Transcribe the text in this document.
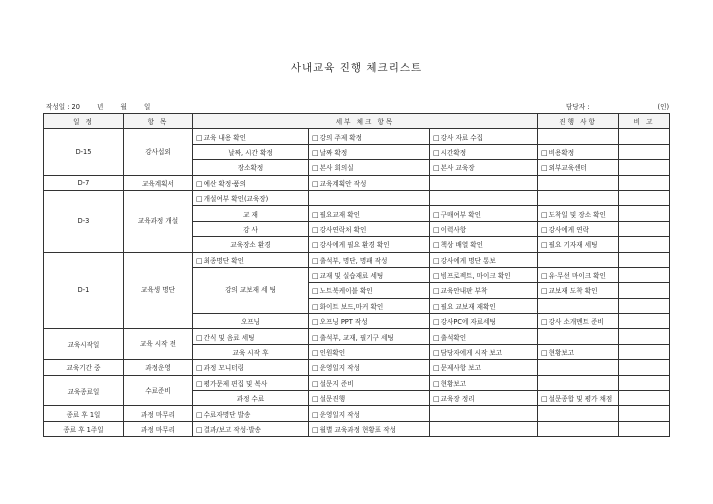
사내교육 진행 체크리스트
작성일 : 20	년	월	일	담당자 :	(인)
일 정	항 목	세부 체크 항목			진행 사항	비 고	
D-15	강사섭외	□ 교육 내용 확인	□ 강의 주제 확정	□ 강사 자료 수집		
		날짜, 시간 확정	□ 날짜 확정	□ 시간확정	□ 비용확정		
		장소확정	□ 본사 회의실	□ 본사 교육장	□ 외부교육센터		
D-7	교육계획서	□ 예산 확정·품의	□ 교육계획안 작성			
D-3	교육과정 개설	□ 개설여부 확인(교육장)				
		교 재	□ 필요교재 확인	□ 구매여부 확인	□ 도착일 및 장소 확인		
		강 사	□ 강사연락처 확인	□ 이력사항	□ 강사에게 연락		
		교육장소 환경	□ 강사에게 필요 환경 확인	□ 책상 배열 확인	□ 필요 기자재 세팅		
D-1	교육생 명단	□ 최종명단 확인	□ 출석부, 명단, 명패 작성	□ 강사에게 명단 통보		
		강의 교보재 세 팅	□ 교재 및 실습재료 세팅	□ 빔프로젝트, 마이크 확인	□ 유·무선 마이크 확인		
			□ 노트북케이블 확인	□ 교육안내판 부착	□ 교보재 도착 확인		
			□ 화이트 보드,마커 확인	□ 필요 교보재 재확인			
		오프닝	□ 오프닝 PPT 작성	□ 강사PC에 자료세팅	□ 강사 소개멘트 준비		
교육시작일	교육 시작 전	□ 간식 및 음료 세팅	□ 출석부, 교재, 필기구 세팅	□ 출석확인		
		교육 시작 후	□ 인원확인	□ 담당자에게 시작 보고	□ 현황보고		
교육기간 중	과정운영	□ 과정 모니터링	□ 운영일지 작성	□ 문제사항 보고		
교육종료일	수료준비	□ 평가문제 편집 및 복사	□ 설문지 준비	□ 현황보고		
		과정 수료	□ 설문진행	□ 교육장 정리	□ 설문종합 및 평가 채점		
종료 후 1일	과정 마무리	□ 수료자명단 발송	□ 운영일지 작성			
종료 후 1주일	과정 마무리	□ 결과/보고 작성·발송	□ 월별 교육과정 현황표 작성			
